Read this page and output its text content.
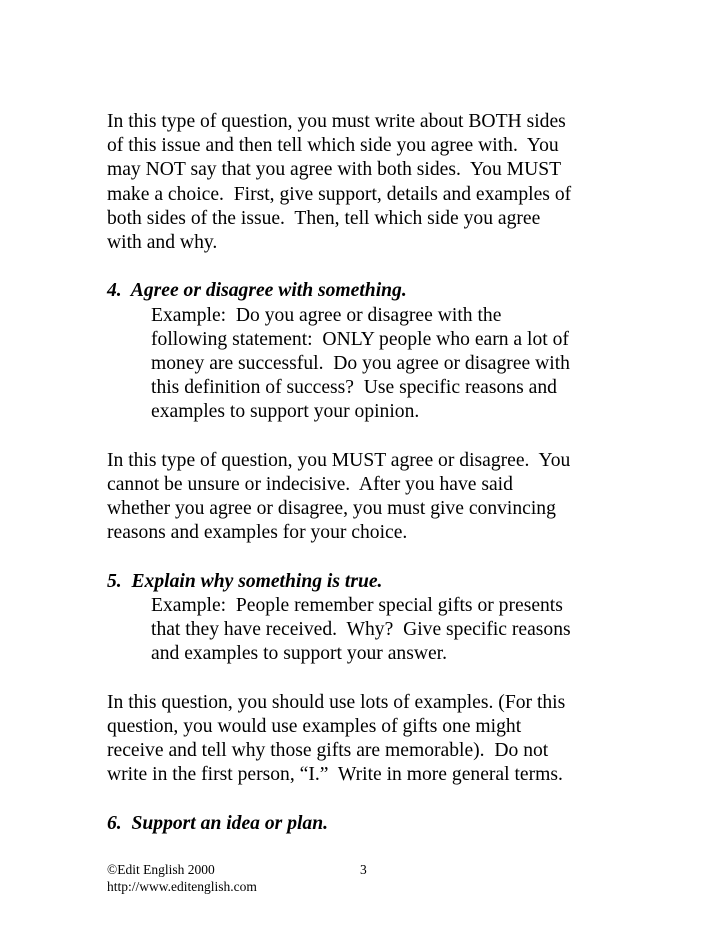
In this type of question, you must write about BOTH sides
of this issue and then tell which side you agree with.  You
may NOT say that you agree with both sides.  You MUST
make a choice.  First, give support, details and examples of
both sides of the issue.  Then, tell which side you agree
with and why.
4.  Agree or disagree with something.
Example:  Do you agree or disagree with the
following statement:  ONLY people who earn a lot of
money are successful.  Do you agree or disagree with
this definition of success?  Use specific reasons and
examples to support your opinion.
In this type of question, you MUST agree or disagree.  You
cannot be unsure or indecisive.  After you have said
whether you agree or disagree, you must give convincing
reasons and examples for your choice.
5.  Explain why something is true.
Example:  People remember special gifts or presents
that they have received.  Why?  Give specific reasons
and examples to support your answer.
In this question, you should use lots of examples. (For this
question, you would use examples of gifts one might
receive and tell why those gifts are memorable).  Do not
write in the first person, “I.”  Write in more general terms.
6.  Support an idea or plan.
©Edit English 2000
http://www.editenglish.com
3
